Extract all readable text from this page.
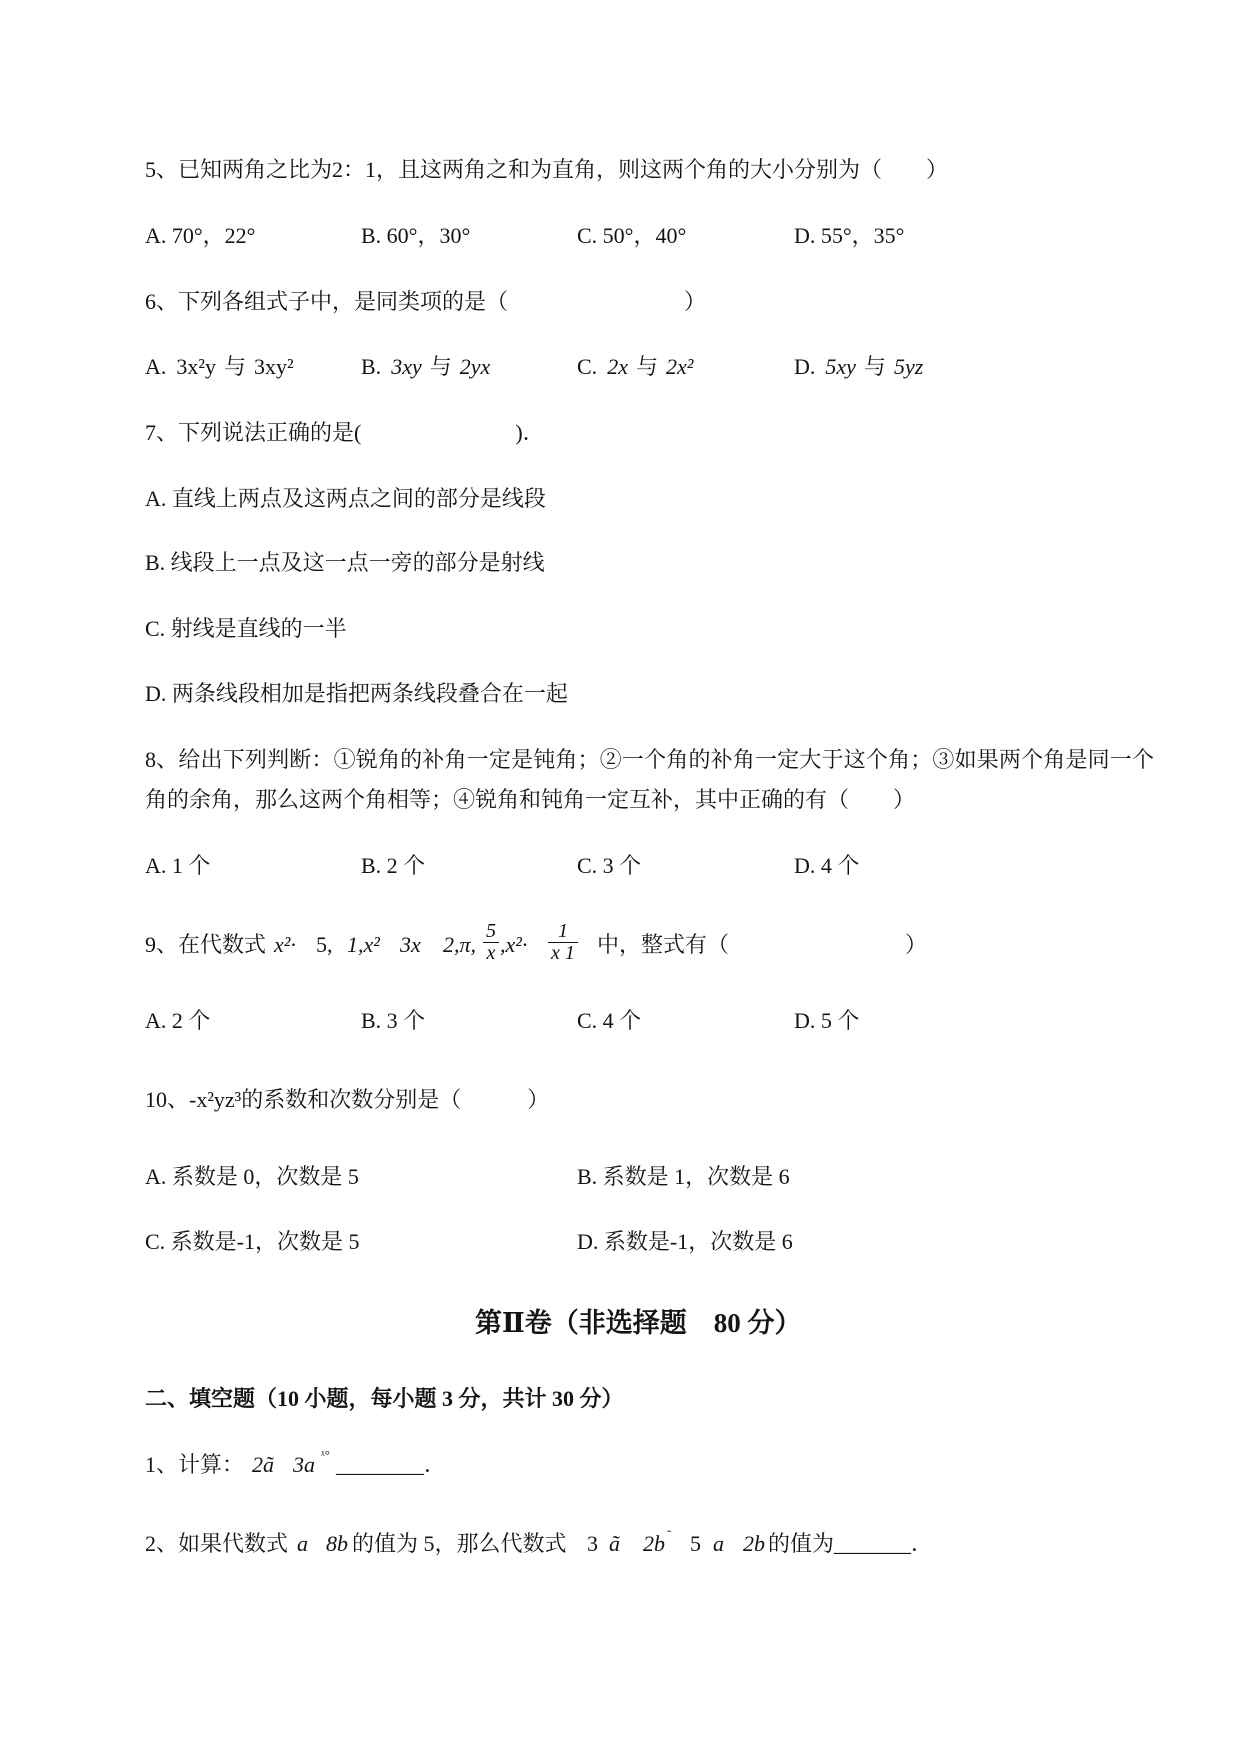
5、已知两角之比为2：1，且这两角之和为直角，则这两个角的大小分别为（　　）
A. 70°，22°	B. 60°，30°	C. 50°，40°	D. 55°，35°
6、下列各组式子中，是同类项的是（　　　　　　　　）
A. 3x²y 与 3xy²	B. 3xy 与 2yx	C. 2x 与 2x²	D. 5xy 与 5yz
7、下列说法正确的是(　　　　　　　)．
A. 直线上两点及这两点之间的部分是线段
B. 线段上一点及这一点一旁的部分是射线
C. 射线是直线的一半
D. 两条线段相加是指把两条线段叠合在一起
8、给出下列判断：①锐角的补角一定是钝角；②一个角的补角一定大于这个角；③如果两个角是同一个
角的余角，那么这两个角相等；④锐角和钝角一定互补，其中正确的有（　　）
A. 1 个	B. 2 个	C. 3 个	D. 4 个
9、在代数式 x²· 5, 1,x² 3x 2,π,
5
x ,x²·
1
x 1 中，整式有（　　　　　　　　）
A. 2 个	B. 3 个	C. 4 个	D. 5 个
10、-x²yz³的系数和次数分别是（　　　）
A. 系数是 0，次数是 5	B. 系数是 1，次数是 6
C. 系数是-1，次数是 5	D. 系数是-1，次数是 6
第Ⅱ卷（非选择题　80 分）
二、填空题（10 小题，每小题 3 分，共计 30 分）
1、计算： 2ã 3a ˣ° ________．
2、如果代数式 a 8b 的值为 5，那么代数式 3 ã 2b ˜ 5 a 2b 的值为_______．
